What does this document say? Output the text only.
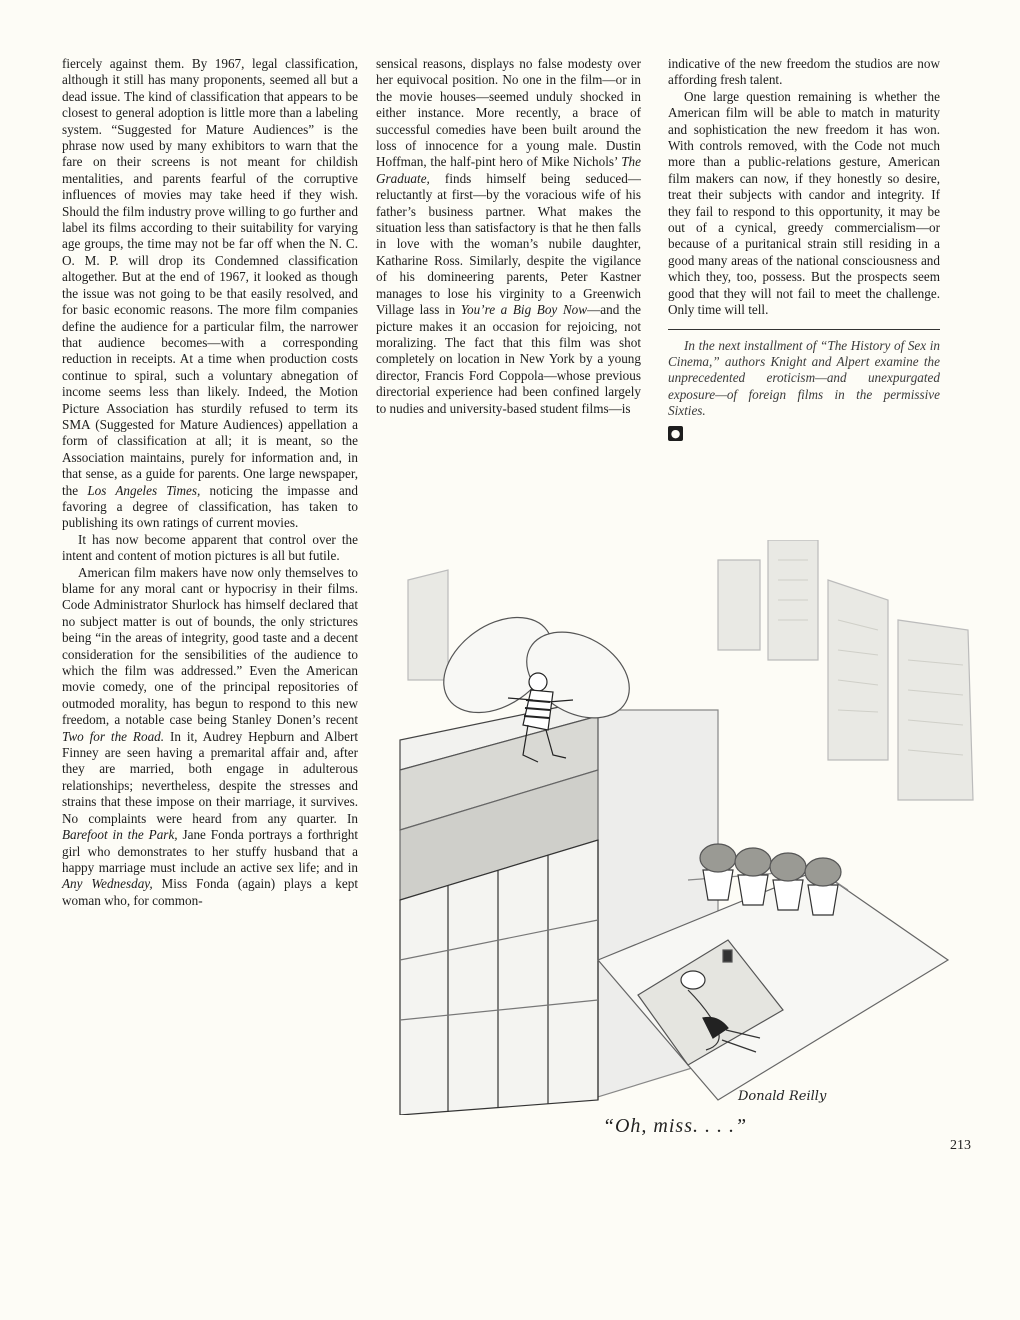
fiercely against them. By 1967, legal classification, although it still has many proponents, seemed all but a dead issue. The kind of classification that appears to be closest to general adoption is little more than a labeling system. “Suggested for Mature Audiences” is the phrase now used by many exhibitors to warn that the fare on their screens is not meant for childish mentalities, and parents fearful of the corruptive influences of movies may take heed if they wish. Should the film industry prove willing to go further and label its films according to their suitability for varying age groups, the time may not be far off when the N. C. O. M. P. will drop its Condemned classification altogether. But at the end of 1967, it looked as though the issue was not going to be that easily resolved, and for basic economic reasons. The more film companies define the audience for a particular film, the narrower that audience becomes—with a corresponding reduction in receipts. At a time when production costs continue to spiral, such a voluntary abnegation of income seems less than likely. Indeed, the Motion Picture Association has sturdily refused to term its SMA (Suggested for Mature Audiences) appellation a form of classification at all; it is meant, so the Association maintains, purely for information and, in that sense, as a guide for parents. One large newspaper, the Los Angeles Times, noticing the impasse and favoring a degree of classification, has taken to publishing its own ratings of current movies.

It has now become apparent that control over the intent and content of motion pictures is all but futile.

American film makers have now only themselves to blame for any moral cant or hypocrisy in their films. Code Administrator Shurlock has himself declared that no subject matter is out of bounds, the only strictures being “in the areas of integrity, good taste and a decent consideration for the sensibilities of the audience to which the film was addressed.” Even the American movie comedy, one of the principal repositories of outmoded morality, has begun to respond to this new freedom, a notable case being Stanley Donen’s recent Two for the Road. In it, Audrey Hepburn and Albert Finney are seen having a premarital affair and, after they are married, both engage in adulterous relationships; nevertheless, despite the stresses and strains that these impose on their marriage, it survives. No complaints were heard from any quarter. In Barefoot in the Park, Jane Fonda portrays a forthright girl who demonstrates to her stuffy husband that a happy marriage must include an active sex life; and in Any Wednesday, Miss Fonda (again) plays a kept woman who, for common-

sensical reasons, displays no false modesty over her equivocal position. No one in the film—or in the movie houses—seemed unduly shocked in either instance. More recently, a brace of successful comedies have been built around the loss of innocence for a young male. Dustin Hoffman, the half-pint hero of Mike Nichols’ The Graduate, finds himself being seduced—reluctantly at first—by the voracious wife of his father’s business partner. What makes the situation less than satisfactory is that he then falls in love with the woman’s nubile daughter, Katharine Ross. Similarly, despite the vigilance of his domineering parents, Peter Kastner manages to lose his virginity to a Greenwich Village lass in You’re a Big Boy Now—and the picture makes it an occasion for rejoicing, not moralizing. The fact that this film was shot completely on location in New York by a young director, Francis Ford Coppola—whose previous directorial experience had been confined largely to nudies and university-based student films—is

indicative of the new freedom the studios are now affording fresh talent.

One large question remaining is whether the American film will be able to match in maturity and sophistication the new freedom it has won. With controls removed, with the Code not much more than a public-relations gesture, American film makers can now, if they honestly so desire, treat their subjects with candor and integrity. If they fail to respond to this opportunity, it may be out of a cynical, greedy commercialism—or because of a puritanical strain still residing in a good many areas of the national consciousness and which they, too, possess. But the prospects seem good that they will not fail to meet the challenge. Only time will tell.

In the next installment of “The History of Sex in Cinema,” authors Knight and Alpert examine the unprecedented eroticism—and unexpurgated exposure—of foreign films in the permissive Sixties.

●
Donald Reilly
“Oh, miss. . . .”
213
